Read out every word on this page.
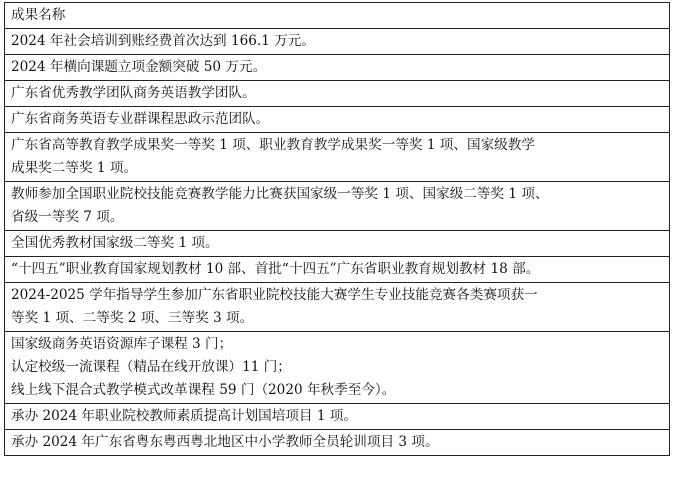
成果名称

2024 年社会培训到账经费首次达到 166.1 万元。

2024 年横向课题立项金额突破 50 万元。

广东省优秀教学团队商务英语教学团队。

广东省商务英语专业群课程思政示范团队。

广东省高等教育教学成果奖一等奖 1 项、职业教育教学成果奖一等奖 1 项、国家级教学
成果奖二等奖 1 项。

教师参加全国职业院校技能竞赛教学能力比赛获国家级一等奖 1 项、国家级二等奖 1 项、
省级一等奖 7 项。

全国优秀教材国家级二等奖 1 项。

“十四五”职业教育国家规划教材 10 部、首批“十四五”广东省职业教育规划教材 18 部。

2024-2025 学年指导学生参加广东省职业院校技能大赛学生专业技能竞赛各类赛项获一
等奖 1 项、二等奖 2 项、三等奖 3 项。

国家级商务英语资源库子课程 3 门；
认定校级一流课程（精品在线开放课）11 门；
线上线下混合式教学模式改革课程 59 门（2020 年秋季至今）。

承办 2024 年职业院校教师素质提高计划国培项目 1 项。

承办 2024 年广东省粤东粤西粤北地区中小学教师全员轮训项目 3 项。
